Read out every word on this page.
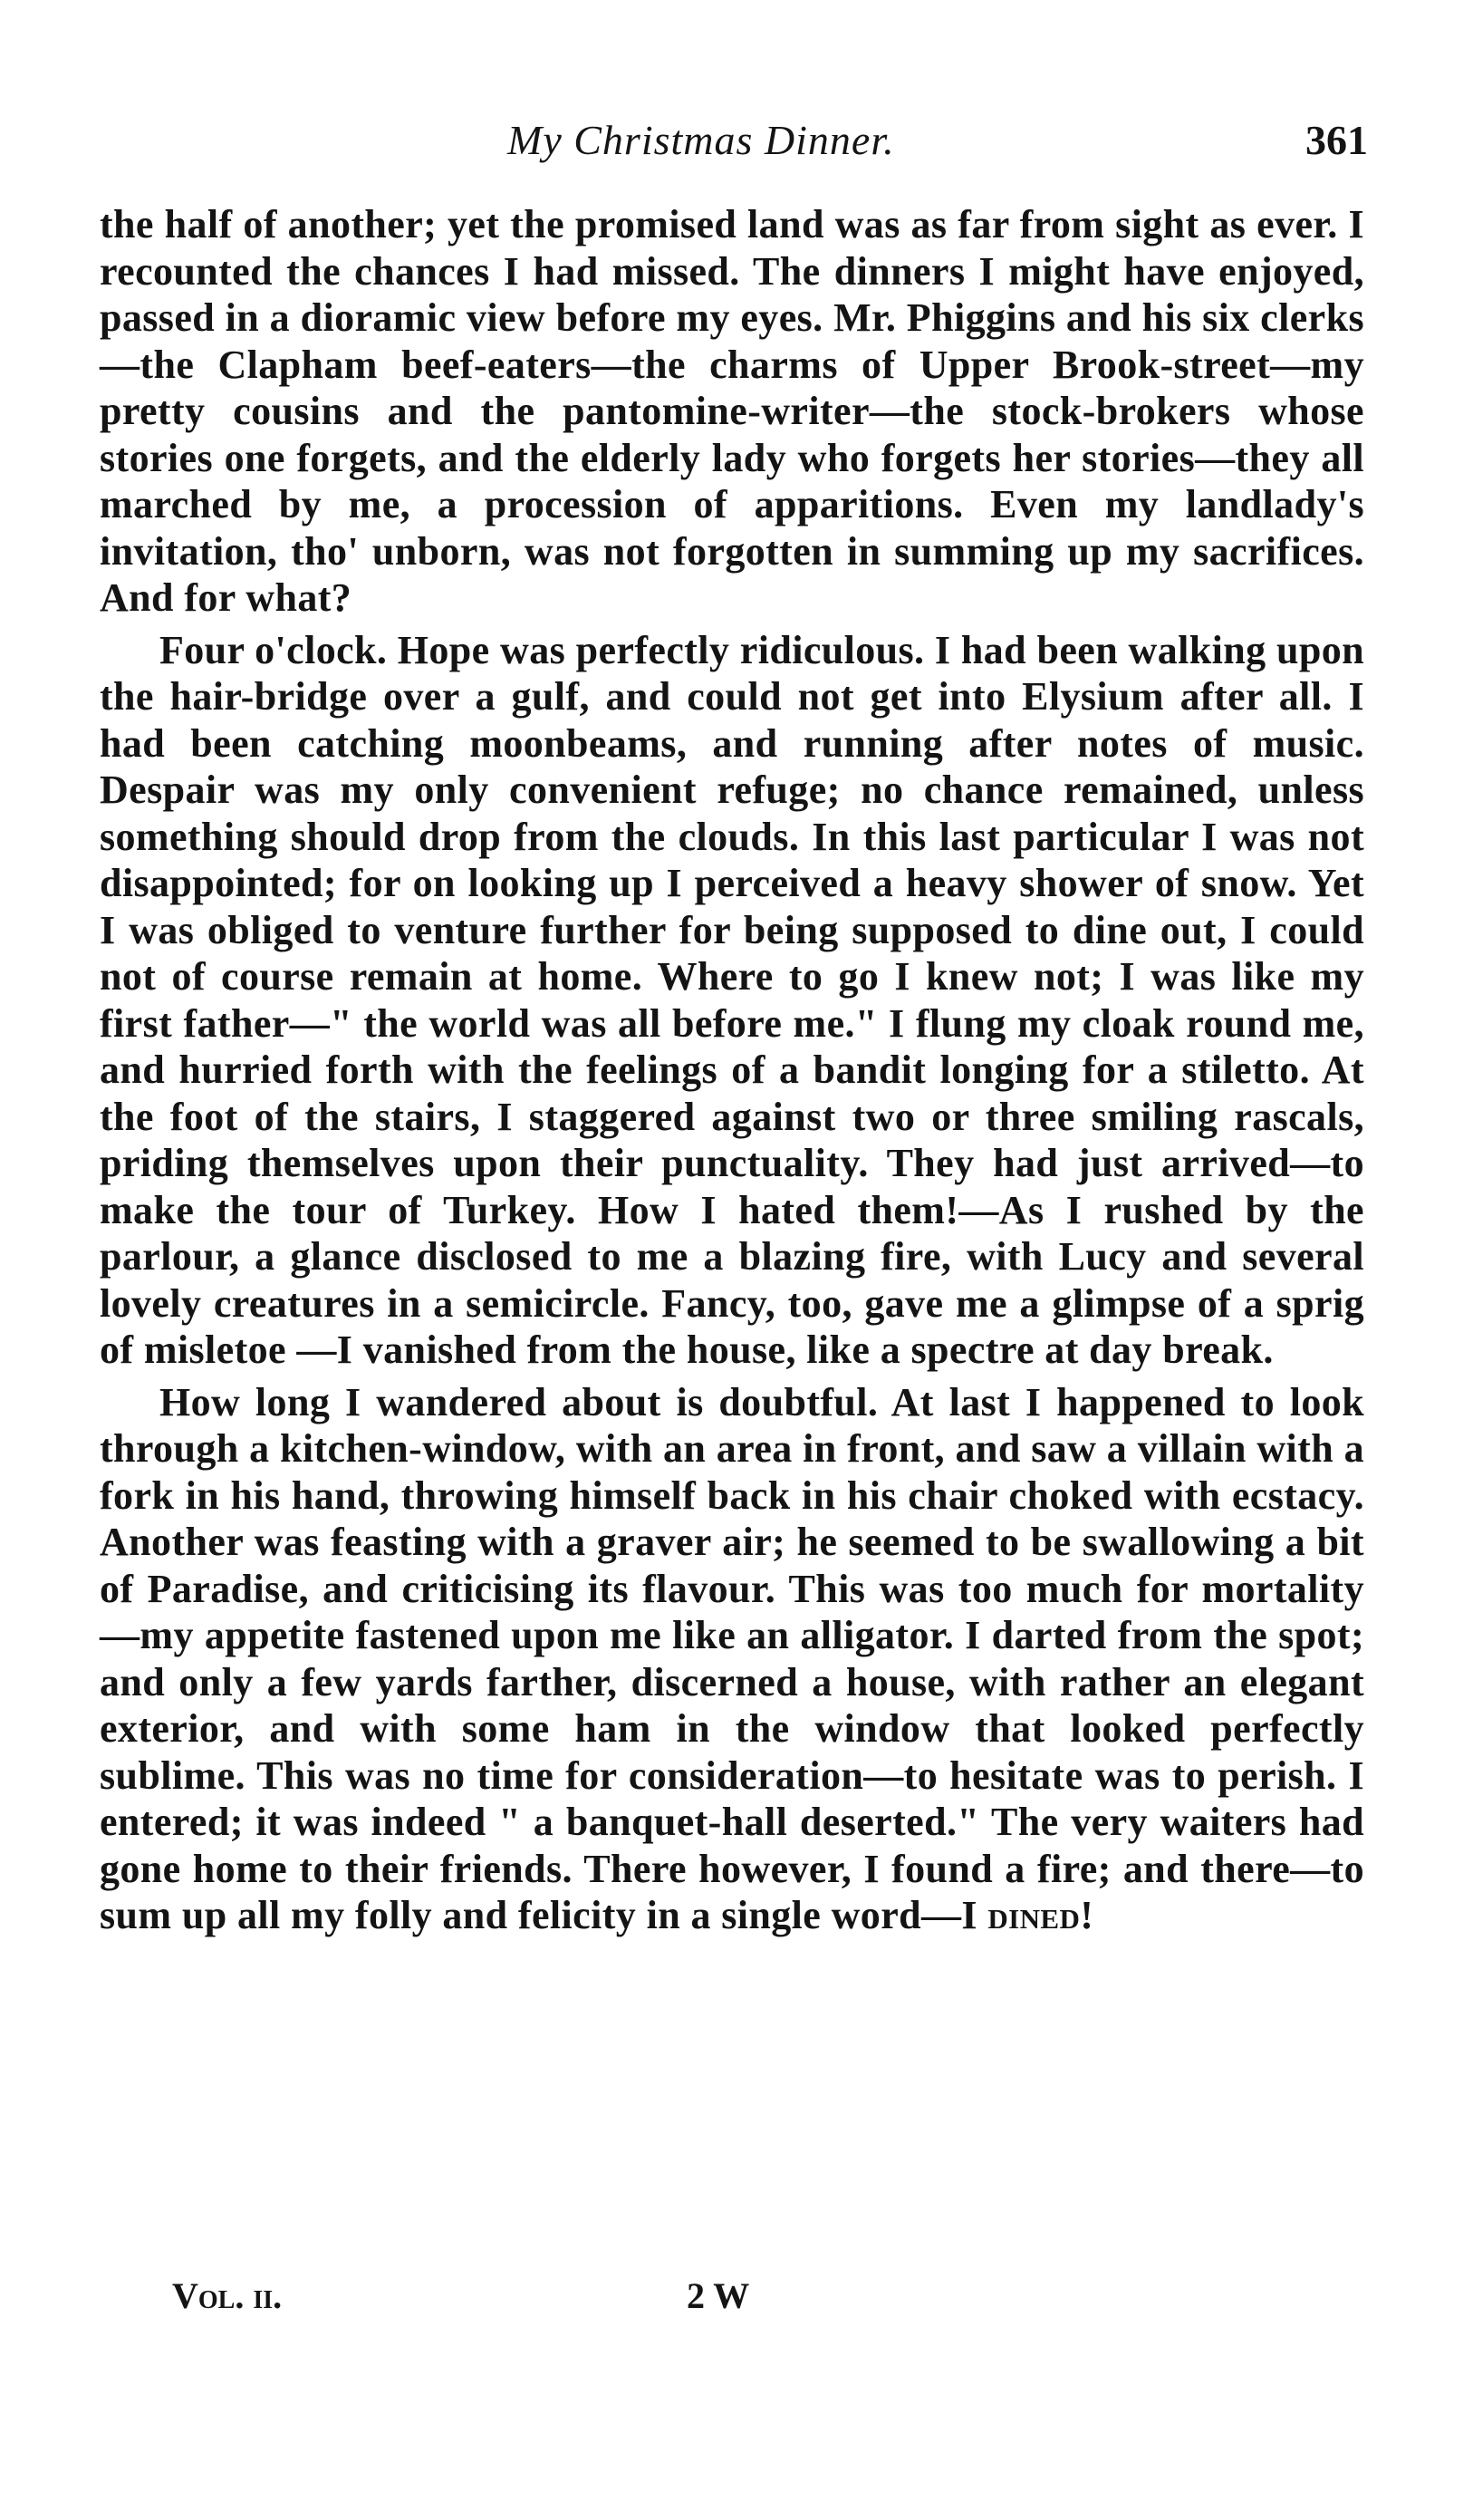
My Christmas Dinner.	361

the half of another; yet the promised land was as far from sight as ever. I recounted the chances I had missed. The dinners I might have enjoyed, passed in a dioramic view before my eyes. Mr. Phiggins and his six clerks—the Clapham beef-eaters—the charms of Upper Brook-street—my pretty cousins and the pantomine-writer—the stock-brokers whose stories one forgets, and the elderly lady who forgets her stories—they all marched by me, a procession of apparitions. Even my landlady's invitation, tho' unborn, was not forgotten in summing up my sacrifices. And for what?

Four o'clock. Hope was perfectly ridiculous. I had been walking upon the hair-bridge over a gulf, and could not get into Elysium after all. I had been catching moonbeams, and running after notes of music. Despair was my only convenient refuge; no chance remained, unless something should drop from the clouds. In this last particular I was not disappointed; for on looking up I perceived a heavy shower of snow. Yet I was obliged to venture further for being supposed to dine out, I could not of course remain at home. Where to go I knew not; I was like my first father—" the world was all before me." I flung my cloak round me, and hurried forth with the feelings of a bandit longing for a stiletto. At the foot of the stairs, I staggered against two or three smiling rascals, priding themselves upon their punctuality. They had just arrived—to make the tour of Turkey. How I hated them!—As I rushed by the parlour, a glance disclosed to me a blazing fire, with Lucy and several lovely creatures in a semicircle. Fancy, too, gave me a glimpse of a sprig of misletoe —I vanished from the house, like a spectre at day break.

How long I wandered about is doubtful. At last I happened to look through a kitchen-window, with an area in front, and saw a villain with a fork in his hand, throwing himself back in his chair choked with ecstacy. Another was feasting with a graver air; he seemed to be swallowing a bit of Paradise, and criticising its flavour. This was too much for mortality—my appetite fastened upon me like an alligator. I darted from the spot; and only a few yards farther, discerned a house, with rather an elegant exterior, and with some ham in the window that looked perfectly sublime. This was no time for consideration—to hesitate was to perish. I entered; it was indeed " a banquet-hall deserted." The very waiters had gone home to their friends. There however, I found a fire; and there—to sum up all my folly and felicity in a single word—I dined!

Vol. ii.	2 W
